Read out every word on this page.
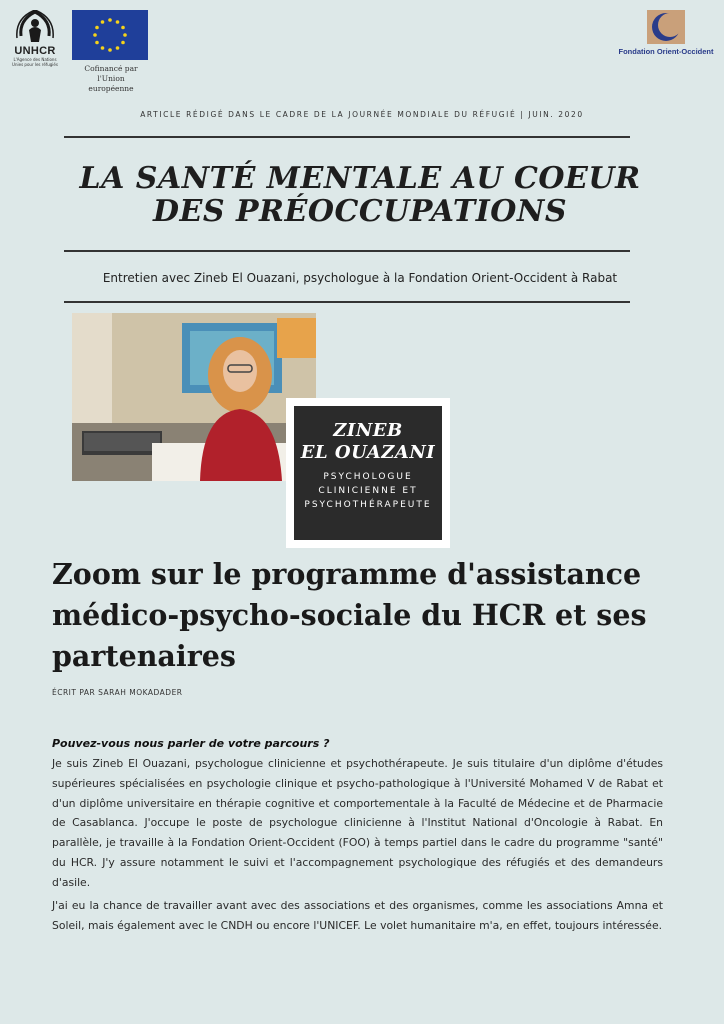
UNHCR
L'Agence des Nations
Unies pour les réfugiés	Cofinancé par l'Union
européenne
Fondation Orient-Occident
ARTICLE RÉDIGÉ DANS LE CADRE DE LA JOURNÉE MONDIALE DU RÉFUGIÉ | JUIN. 2020
LA SANTÉ MENTALE AU COEUR
DES PRÉOCCUPATIONS
Entretien avec Zineb El Ouazani, psychologue à la Fondation Orient-Occident à Rabat
ZINEB
EL OUAZANI
PSYCHOLOGUE
CLINICIENNE ET
PSYCHOTHÉRAPEUTE
Zoom sur le programme d'assistance médico-psycho-sociale du HCR et ses partenaires
ÉCRIT PAR SARAH MOKADADER
Pouvez-vous nous parler de votre parcours ?

Je suis Zineb El Ouazani, psychologue clinicienne et psychothérapeute. Je suis titulaire d'un diplôme d'études supérieures spécialisées en psychologie clinique et psycho-pathologique à l'Université Mohamed V de Rabat et d'un diplôme universitaire en thérapie cognitive et comportementale à la Faculté de Médecine et de Pharmacie de Casablanca. J'occupe le poste de psychologue clinicienne à l'Institut National d'Oncologie à Rabat. En parallèle, je travaille à la Fondation Orient-Occident (FOO) à temps partiel dans le cadre du programme "santé" du HCR. J'y assure notamment le suivi et l'accompagnement psychologique des réfugiés et des demandeurs d'asile.

J'ai eu la chance de travailler avant avec des associations et des organismes, comme les associations Amna et Soleil, mais également avec le CNDH ou encore l'UNICEF. Le volet humanitaire m'a, en effet, toujours intéressée.
